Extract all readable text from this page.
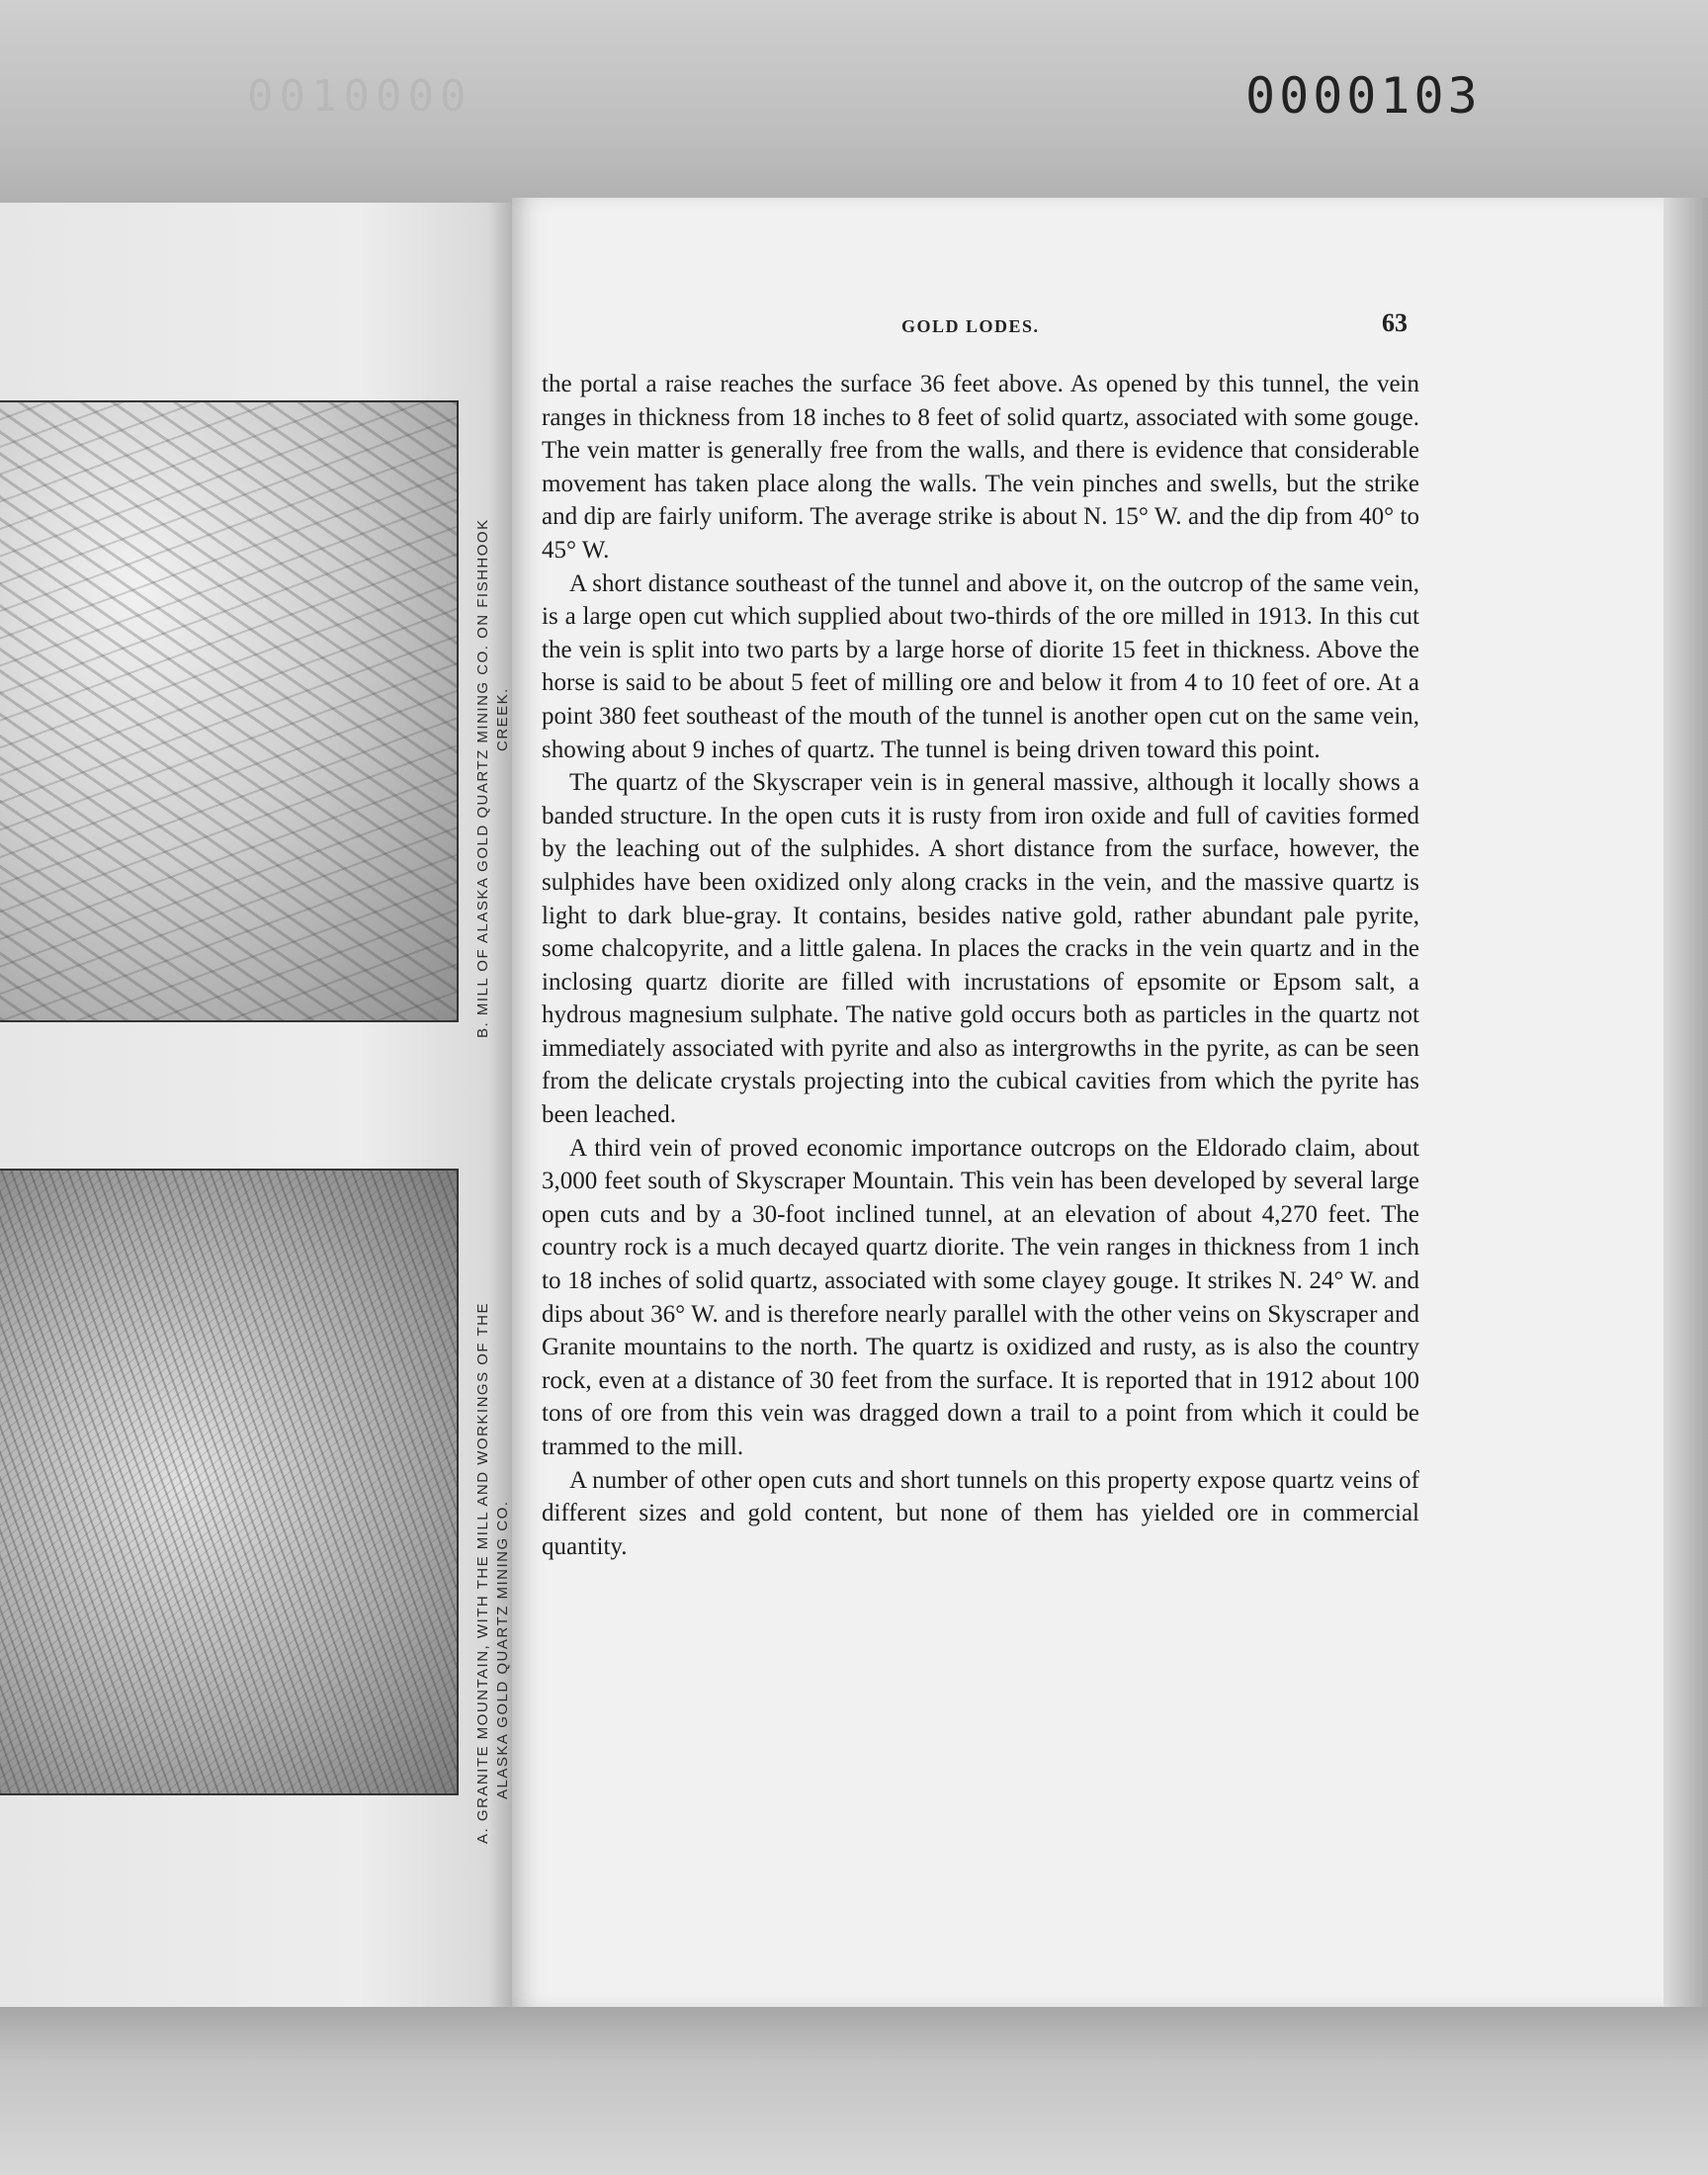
0010000	0000103
B. MILL OF ALASKA GOLD QUARTZ MINING CO. ON FISHHOOK CREEK.
A. GRANITE MOUNTAIN, WITH THE MILL AND WORKINGS OF THE ALASKA GOLD QUARTZ MINING CO.
GOLD LODES.	63

the portal a raise reaches the surface 36 feet above. As opened by this tunnel, the vein ranges in thickness from 18 inches to 8 feet of solid quartz, associated with some gouge. The vein matter is generally free from the walls, and there is evidence that considerable movement has taken place along the walls. The vein pinches and swells, but the strike and dip are fairly uniform. The average strike is about N. 15° W. and the dip from 40° to 45° W.

A short distance southeast of the tunnel and above it, on the outcrop of the same vein, is a large open cut which supplied about two-thirds of the ore milled in 1913. In this cut the vein is split into two parts by a large horse of diorite 15 feet in thickness. Above the horse is said to be about 5 feet of milling ore and below it from 4 to 10 feet of ore. At a point 380 feet southeast of the mouth of the tunnel is another open cut on the same vein, showing about 9 inches of quartz. The tunnel is being driven toward this point.

The quartz of the Skyscraper vein is in general massive, although it locally shows a banded structure. In the open cuts it is rusty from iron oxide and full of cavities formed by the leaching out of the sulphides. A short distance from the surface, however, the sulphides have been oxidized only along cracks in the vein, and the massive quartz is light to dark blue-gray. It contains, besides native gold, rather abundant pale pyrite, some chalcopyrite, and a little galena. In places the cracks in the vein quartz and in the inclosing quartz diorite are filled with incrustations of epsomite or Epsom salt, a hydrous magnesium sulphate. The native gold occurs both as particles in the quartz not immediately associated with pyrite and also as intergrowths in the pyrite, as can be seen from the delicate crystals projecting into the cubical cavities from which the pyrite has been leached.

A third vein of proved economic importance outcrops on the Eldorado claim, about 3,000 feet south of Skyscraper Mountain. This vein has been developed by several large open cuts and by a 30-foot inclined tunnel, at an elevation of about 4,270 feet. The country rock is a much decayed quartz diorite. The vein ranges in thickness from 1 inch to 18 inches of solid quartz, associated with some clayey gouge. It strikes N. 24° W. and dips about 36° W. and is therefore nearly parallel with the other veins on Skyscraper and Granite mountains to the north. The quartz is oxidized and rusty, as is also the country rock, even at a distance of 30 feet from the surface. It is reported that in 1912 about 100 tons of ore from this vein was dragged down a trail to a point from which it could be trammed to the mill.

A number of other open cuts and short tunnels on this property expose quartz veins of different sizes and gold content, but none of them has yielded ore in commercial quantity.
